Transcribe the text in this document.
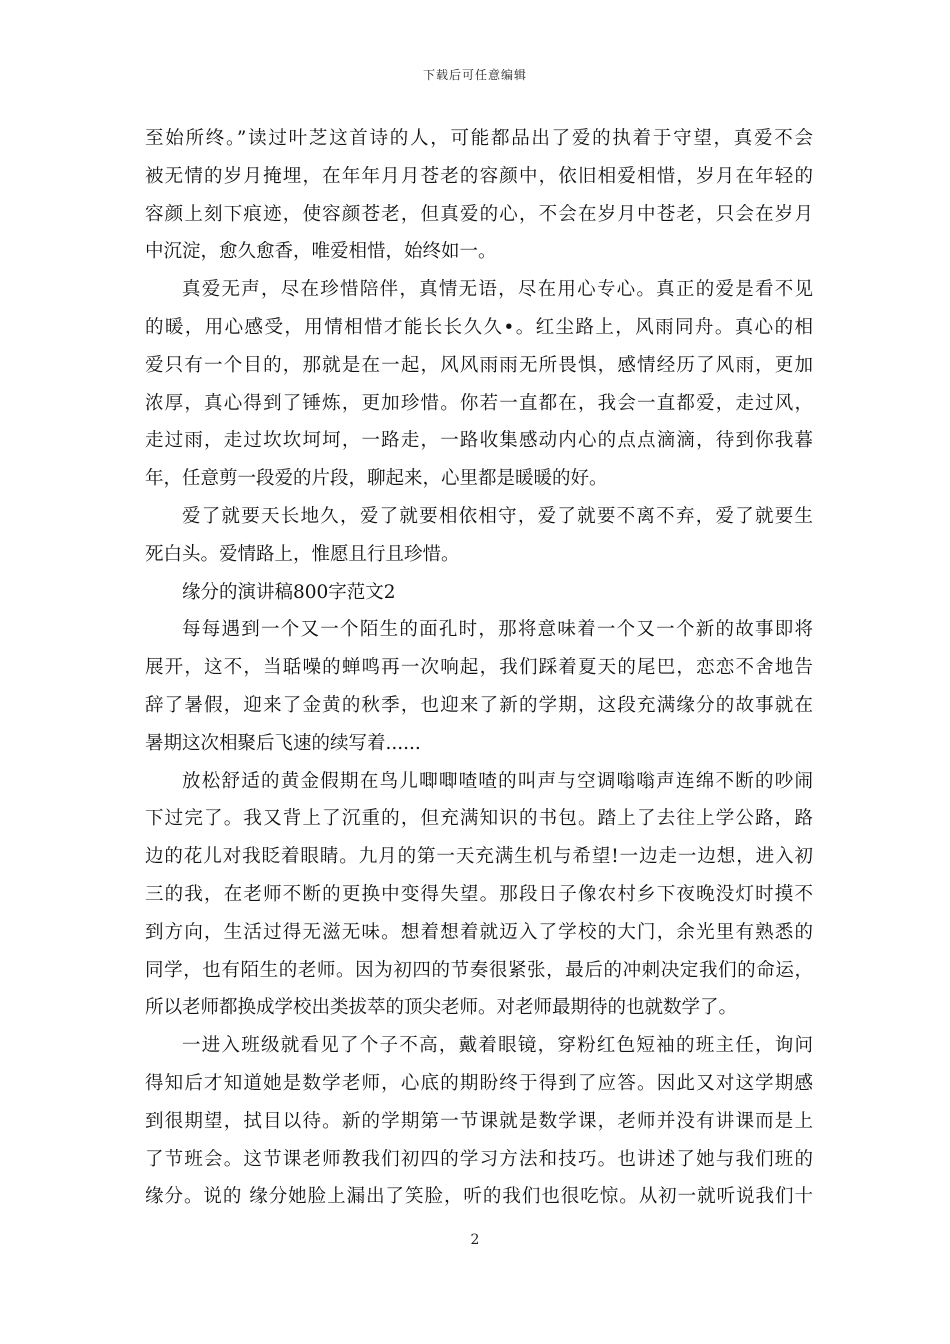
下载后可任意编辑
至始所终。”读过叶芝这首诗的人，可能都品出了爱的执着于守望，真爱不会
被无情的岁月掩埋，在年年月月苍老的容颜中，依旧相爱相惜，岁月在年轻的
容颜上刻下痕迹，使容颜苍老，但真爱的心，不会在岁月中苍老，只会在岁月
中沉淀，愈久愈香，唯爱相惜，始终如一。
真爱无声，尽在珍惜陪伴，真情无语，尽在用心专心。真正的爱是看不见
的暖，用心感受，用情相惜才能长长久久•。红尘路上，风雨同舟。真心的相
爱只有一个目的，那就是在一起，风风雨雨无所畏惧，感情经历了风雨，更加
浓厚，真心得到了锤炼，更加珍惜。你若一直都在，我会一直都爱，走过风，
走过雨，走过坎坎坷坷，一路走，一路收集感动内心的点点滴滴，待到你我暮
年，任意剪一段爱的片段，聊起来，心里都是暖暖的好。
爱了就要天长地久，爱了就要相依相守，爱了就要不离不弃，爱了就要生
死白头。爱情路上，惟愿且行且珍惜。
缘分的演讲稿800字范文2
每每遇到一个又一个陌生的面孔时，那将意味着一个又一个新的故事即将
展开，这不，当聒噪的蝉鸣再一次响起，我们踩着夏天的尾巴，恋恋不舍地告
辞了暑假，迎来了金黄的秋季，也迎来了新的学期，这段充满缘分的故事就在
暑期这次相聚后飞速的续写着......
放松舒适的黄金假期在鸟儿唧唧喳喳的叫声与空调嗡嗡声连绵不断的吵闹
下过完了。我又背上了沉重的，但充满知识的书包。踏上了去往上学公路，路
边的花儿对我眨着眼睛。九月的第一天充满生机与希望!一边走一边想，进入初
三的我，在老师不断的更换中变得失望。那段日子像农村乡下夜晚没灯时摸不
到方向，生活过得无滋无味。想着想着就迈入了学校的大门，余光里有熟悉的
同学，也有陌生的老师。因为初四的节奏很紧张，最后的冲刺决定我们的命运，
所以老师都换成学校出类拔萃的顶尖老师。对老师最期待的也就数学了。
一进入班级就看见了个子不高，戴着眼镜，穿粉红色短袖的班主任，询问
得知后才知道她是数学老师，心底的期盼终于得到了应答。因此又对这学期感
到很期望，拭目以待。新的学期第一节课就是数学课，老师并没有讲课而是上
了节班会。这节课老师教我们初四的学习方法和技巧。也讲述了她与我们班的
缘分。说的 缘分她脸上漏出了笑脸，听的我们也很吃惊。从初一就听说我们十
2
